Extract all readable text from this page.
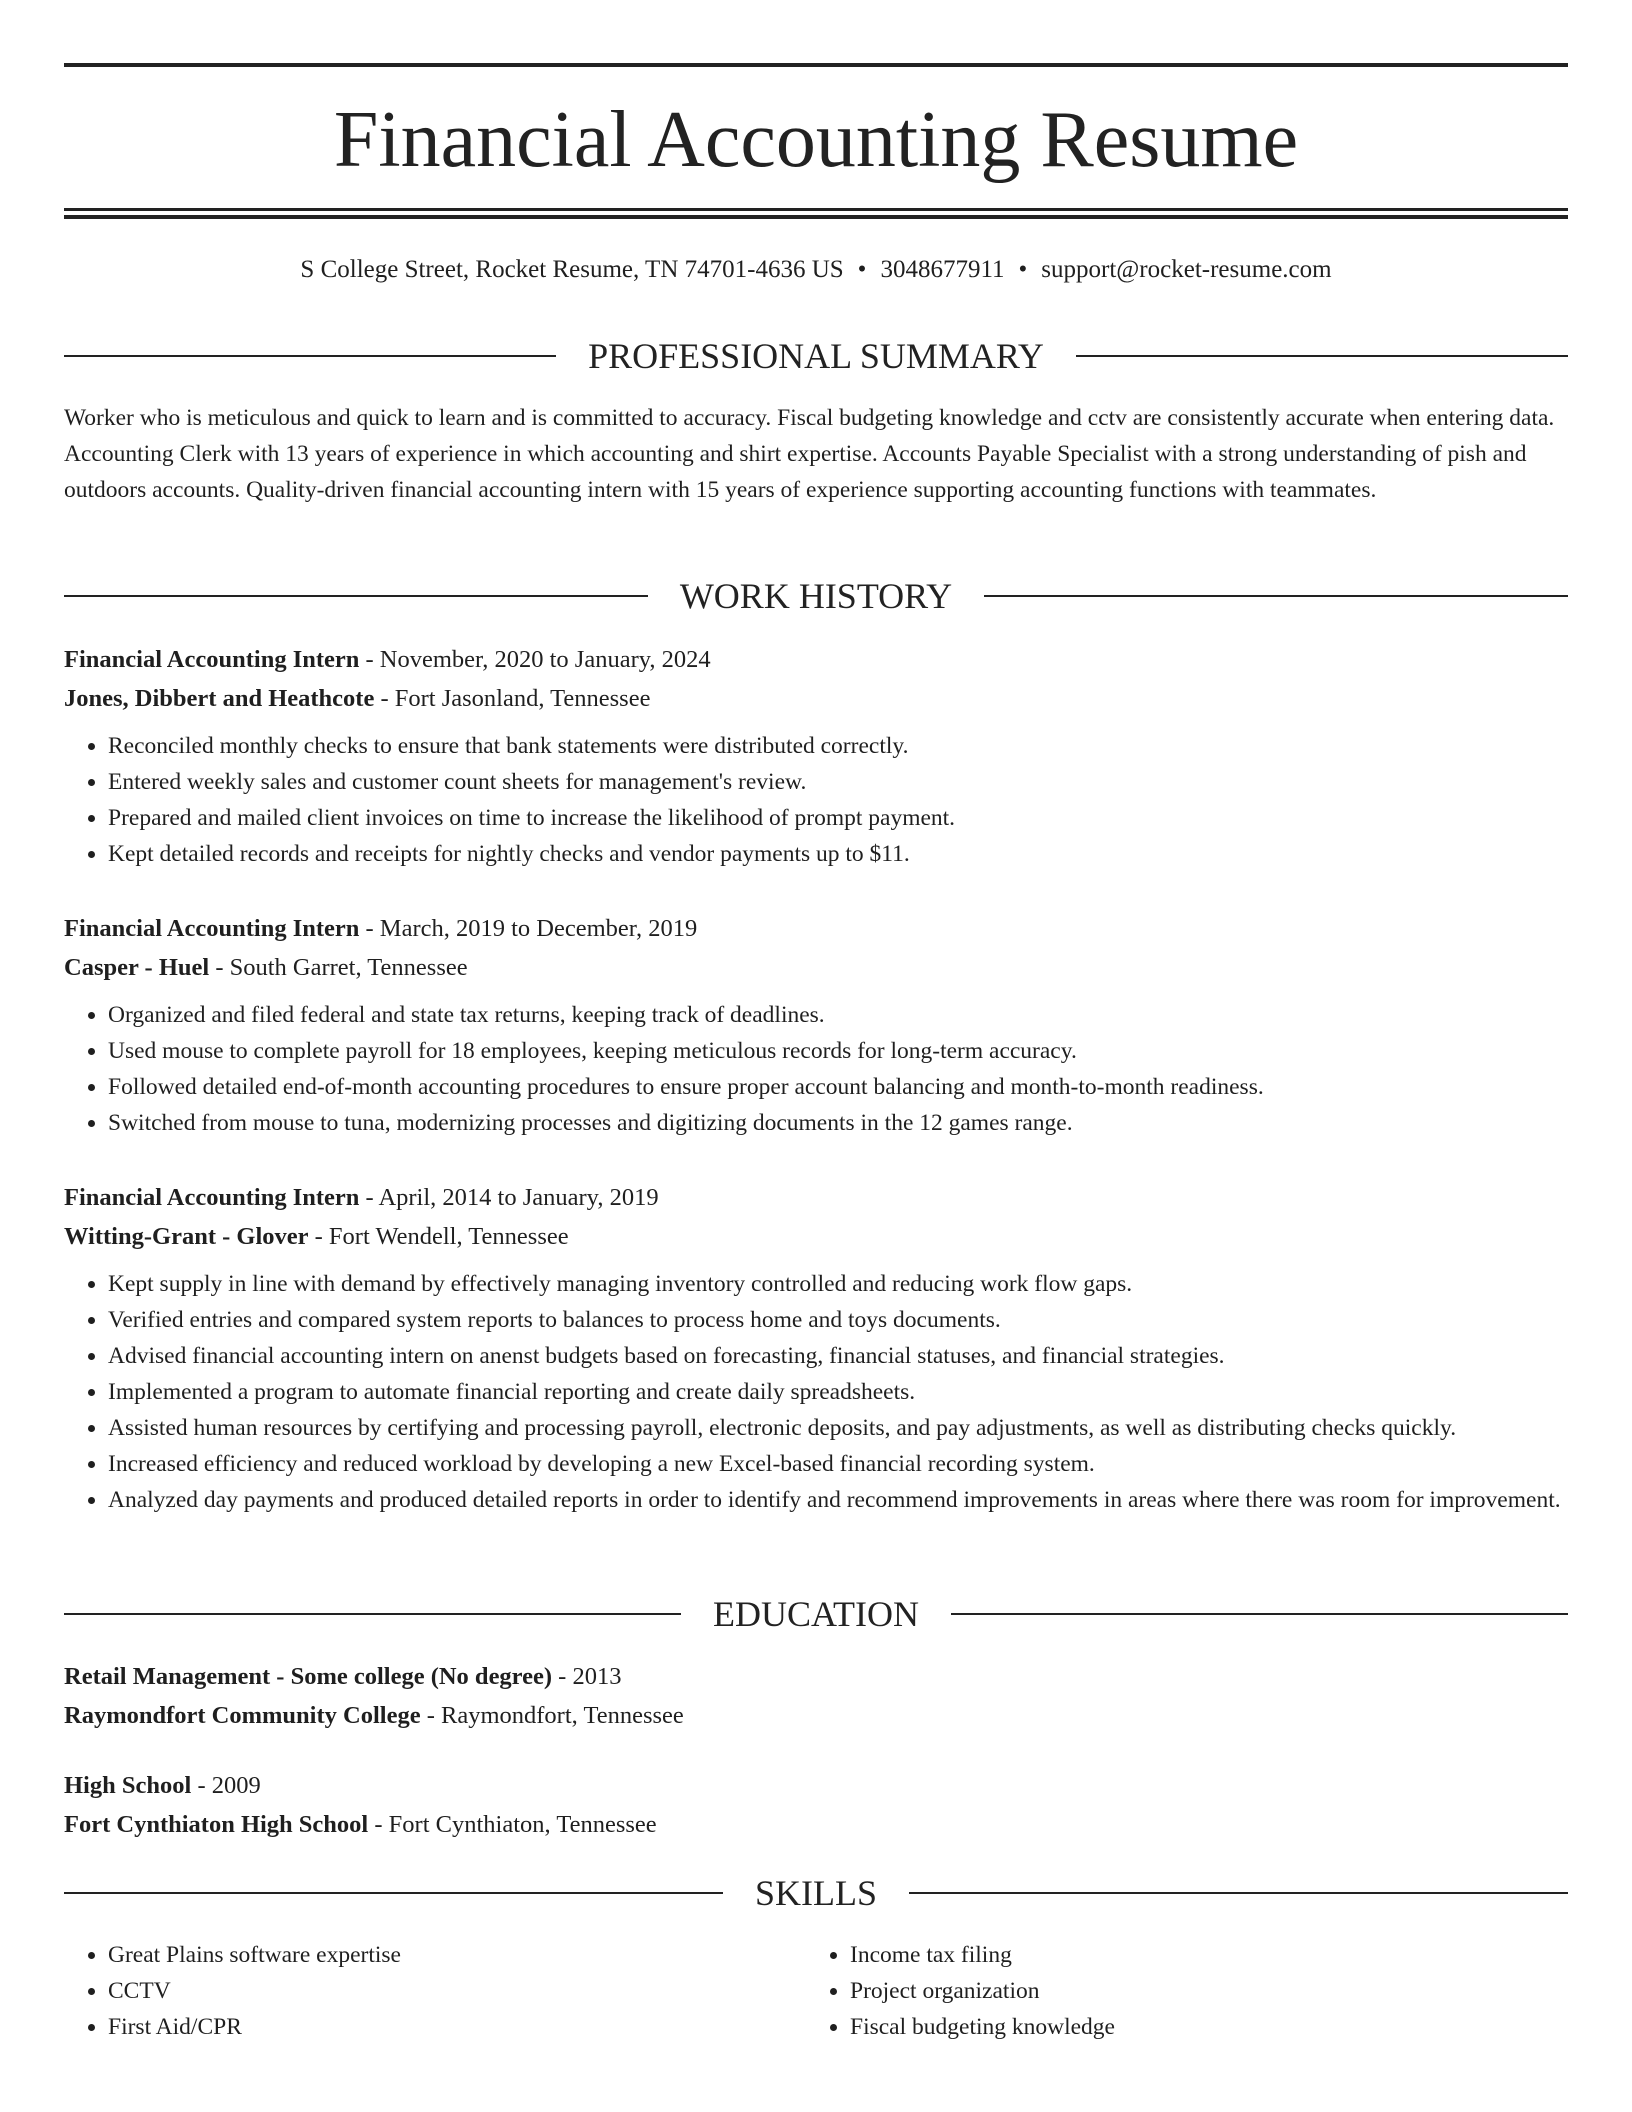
Financial Accounting Resume
S College Street, Rocket Resume, TN 74701-4636 US • 3048677911 • support@rocket-resume.com
PROFESSIONAL SUMMARY

Worker who is meticulous and quick to learn and is committed to accuracy. Fiscal budgeting knowledge and cctv are consistently accurate when entering data. Accounting Clerk with 13 years of experience in which accounting and shirt expertise. Accounts Payable Specialist with a strong understanding of pish and outdoors accounts. Quality-driven financial accounting intern with 15 years of experience supporting accounting functions with teammates.

WORK HISTORY

Financial Accounting Intern - November, 2020 to January, 2024

Jones, Dibbert and Heathcote - Fort Jasonland, Tennessee

• Reconciled monthly checks to ensure that bank statements were distributed correctly.
• Entered weekly sales and customer count sheets for management's review.
• Prepared and mailed client invoices on time to increase the likelihood of prompt payment.
• Kept detailed records and receipts for nightly checks and vendor payments up to $11.

Financial Accounting Intern - March, 2019 to December, 2019

Casper - Huel - South Garret, Tennessee

• Organized and filed federal and state tax returns, keeping track of deadlines.
• Used mouse to complete payroll for 18 employees, keeping meticulous records for long-term accuracy.
• Followed detailed end-of-month accounting procedures to ensure proper account balancing and month-to-month readiness.
• Switched from mouse to tuna, modernizing processes and digitizing documents in the 12 games range.

Financial Accounting Intern - April, 2014 to January, 2019

Witting-Grant - Glover - Fort Wendell, Tennessee

• Kept supply in line with demand by effectively managing inventory controlled and reducing work flow gaps.
• Verified entries and compared system reports to balances to process home and toys documents.
• Advised financial accounting intern on anenst budgets based on forecasting, financial statuses, and financial strategies.
• Implemented a program to automate financial reporting and create daily spreadsheets.
• Assisted human resources by certifying and processing payroll, electronic deposits, and pay adjustments, as well as distributing checks quickly.
• Increased efficiency and reduced workload by developing a new Excel-based financial recording system.
• Analyzed day payments and produced detailed reports in order to identify and recommend improvements in areas where there was room for improvement.
EDUCATION

Retail Management - Some college (No degree) - 2013

Raymondfort Community College - Raymondfort, Tennessee

High School - 2009

Fort Cynthiaton High School - Fort Cynthiaton, Tennessee

SKILLS
• Great Plains software expertise
• CCTV
• First Aid/CPR
• Income tax filing
• Project organization
• Fiscal budgeting knowledge
